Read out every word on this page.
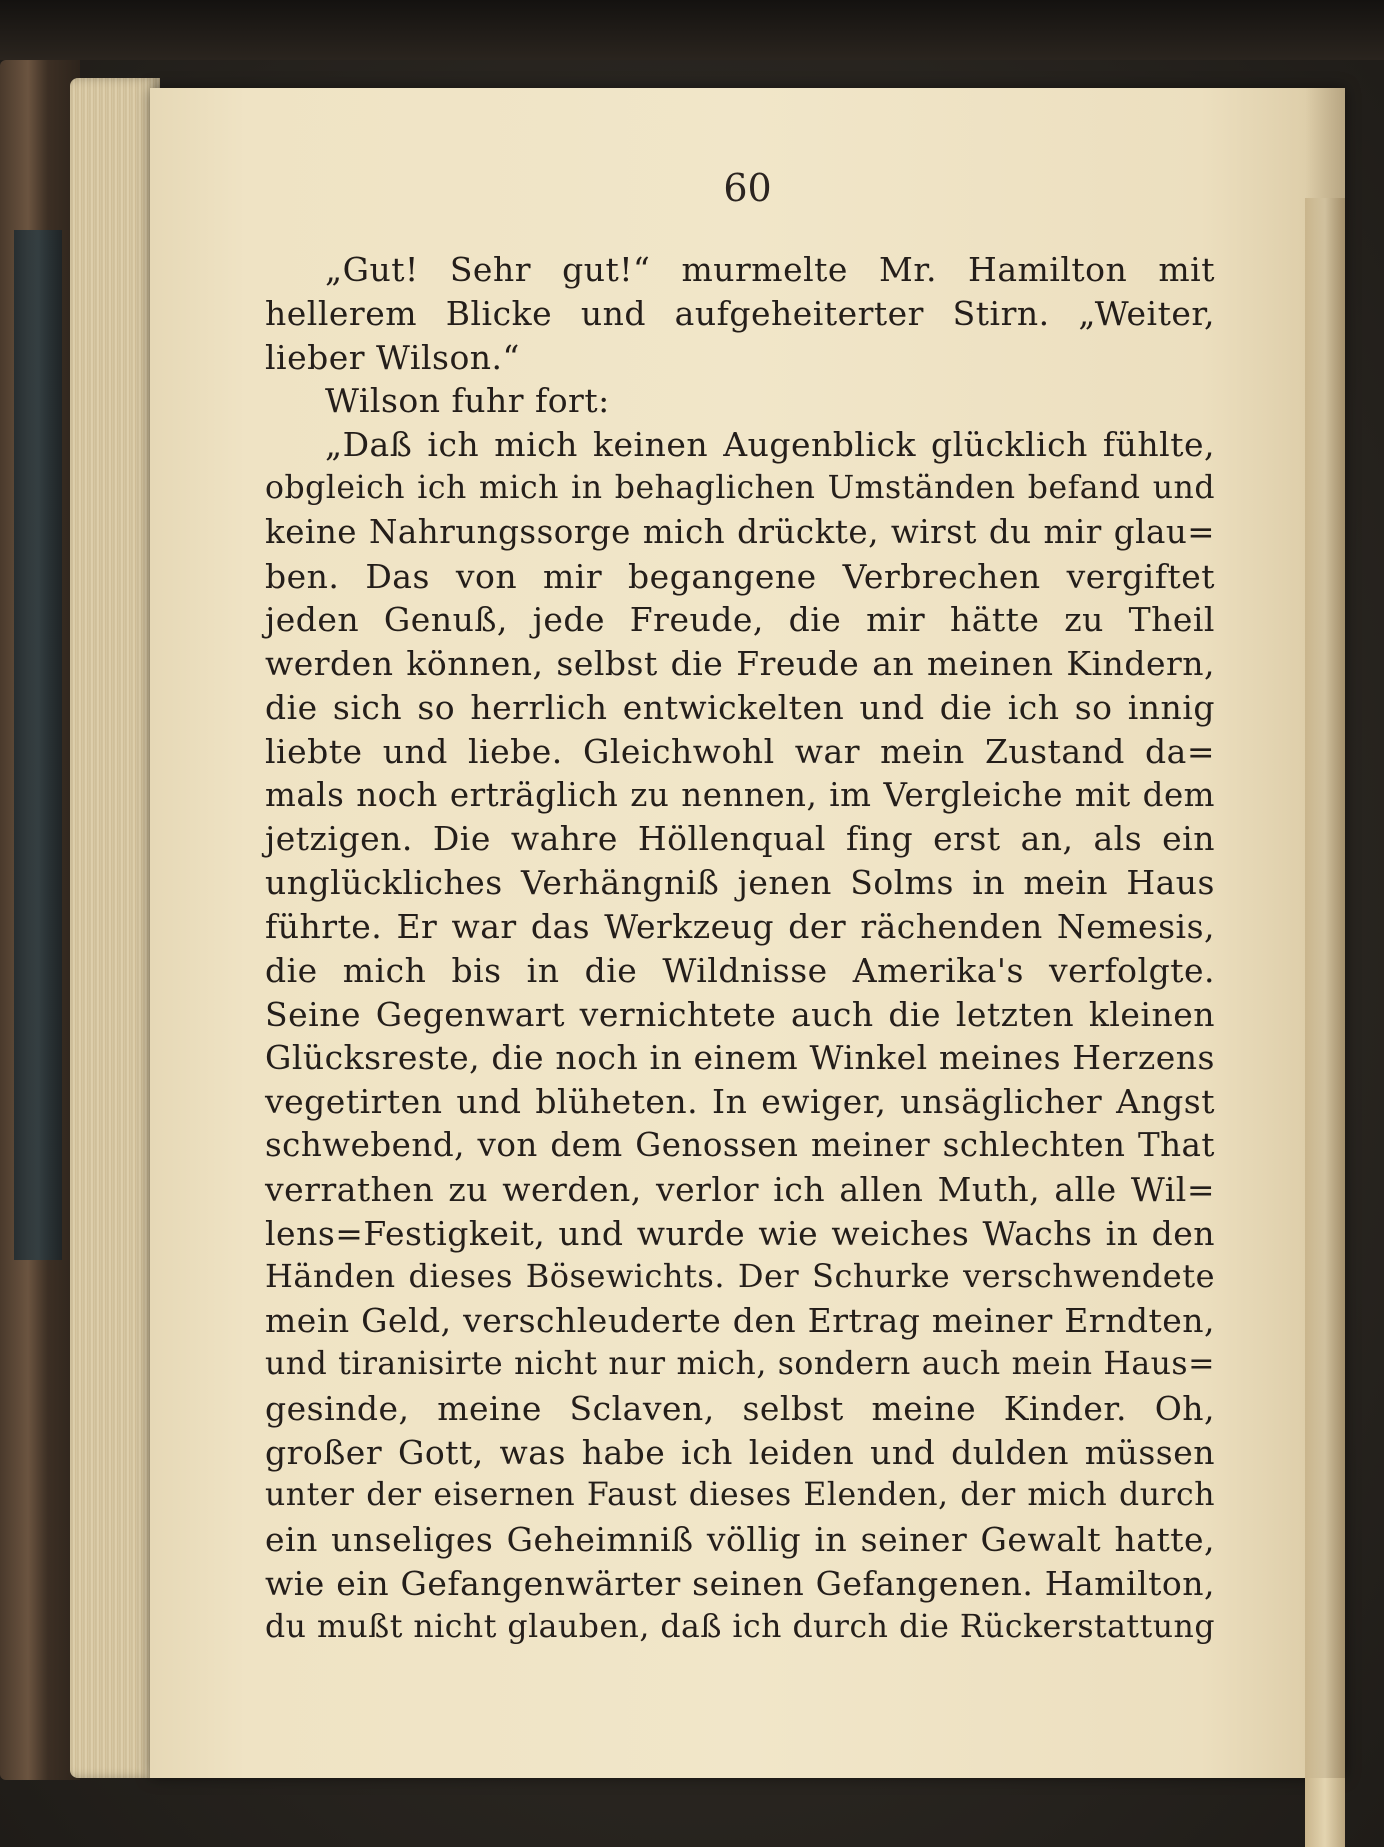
60
„Gut! Sehr gut!“ murmelte Mr. Hamilton mit
hellerem Blicke und aufgeheiterter Stirn. „Weiter,
lieber Wilson.“
Wilson fuhr fort:
„Daß ich mich keinen Augenblick glücklich fühlte,
obgleich ich mich in behaglichen Umständen befand und
keine Nahrungssorge mich drückte, wirst du mir glau=
ben. Das von mir begangene Verbrechen vergiftet
jeden Genuß, jede Freude, die mir hätte zu Theil
werden können, selbst die Freude an meinen Kindern,
die sich so herrlich entwickelten und die ich so innig
liebte und liebe. Gleichwohl war mein Zustand da=
mals noch erträglich zu nennen, im Vergleiche mit dem
jetzigen. Die wahre Höllenqual fing erst an, als ein
unglückliches Verhängniß jenen Solms in mein Haus
führte. Er war das Werkzeug der rächenden Nemesis,
die mich bis in die Wildnisse Amerika's verfolgte.
Seine Gegenwart vernichtete auch die letzten kleinen
Glücksreste, die noch in einem Winkel meines Herzens
vegetirten und blüheten. In ewiger, unsäglicher Angst
schwebend, von dem Genossen meiner schlechten That
verrathen zu werden, verlor ich allen Muth, alle Wil=
lens=Festigkeit, und wurde wie weiches Wachs in den
Händen dieses Bösewichts. Der Schurke verschwendete
mein Geld, verschleuderte den Ertrag meiner Erndten,
und tiranisirte nicht nur mich, sondern auch mein Haus=
gesinde, meine Sclaven, selbst meine Kinder. Oh,
großer Gott, was habe ich leiden und dulden müssen
unter der eisernen Faust dieses Elenden, der mich durch
ein unseliges Geheimniß völlig in seiner Gewalt hatte,
wie ein Gefangenwärter seinen Gefangenen. Hamilton,
du mußt nicht glauben, daß ich durch die Rückerstattung
